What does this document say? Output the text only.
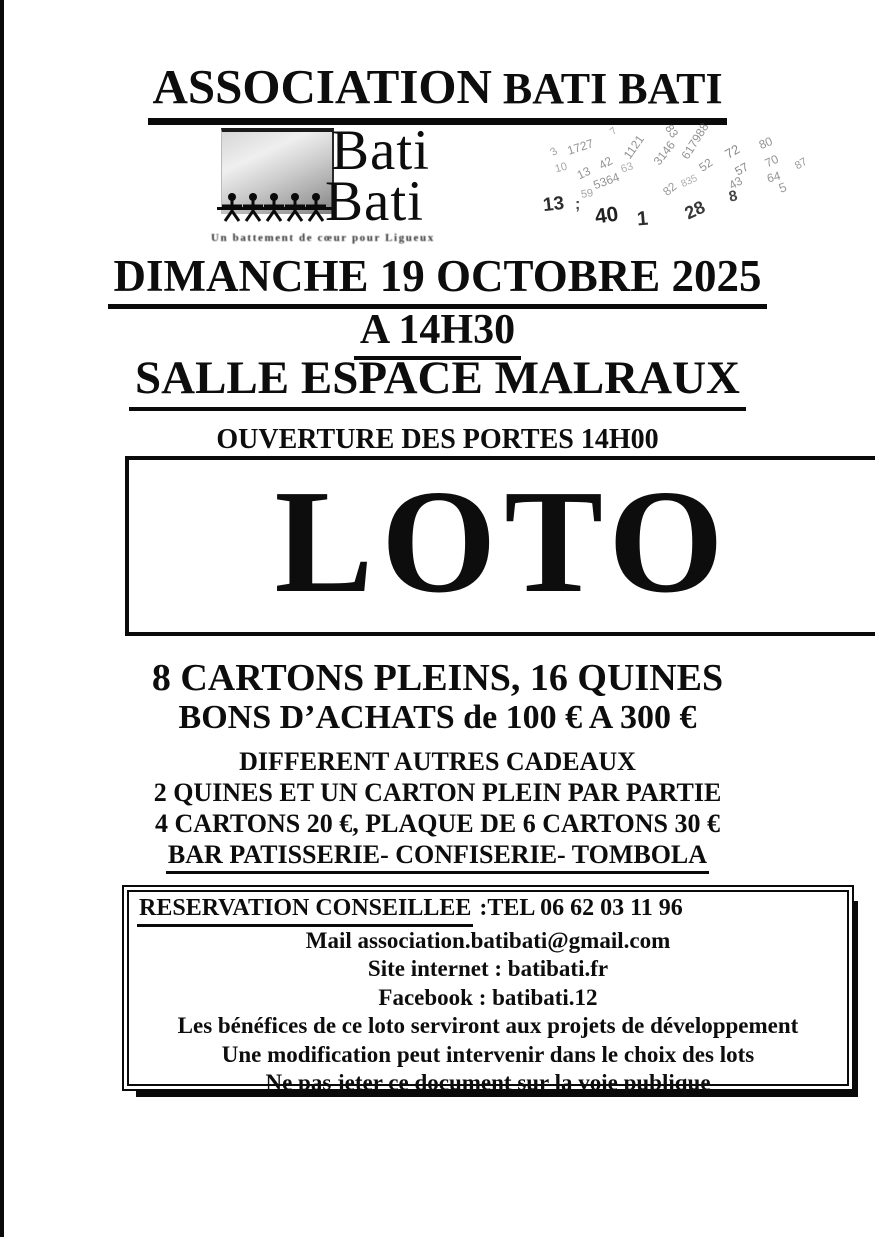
ASSOCIATION BATI BATI
Bati
Bati
Un battement de cœur pour Ligueux
3 1727
7
1121
83
3146 617988 72 80
10 13
42 63	52 57 70 87
64
5364
59
43
82 835
13 ; 40 1 28
8	5
DIMANCHE 19 OCTOBRE 2025
A 14H30
SALLE ESPACE MALRAUX
OUVERTURE DES PORTES 14H00
LOTO
8 CARTONS PLEINS, 16 QUINES
BONS D’ACHATS de 100 € A 300 €
DIFFERENT AUTRES CADEAUX
2 QUINES ET UN CARTON PLEIN PAR PARTIE
4 CARTONS 20 €, PLAQUE DE 6 CARTONS 30 €
BAR PATISSERIE- CONFISERIE- TOMBOLA
RESERVATION CONSEILLEE :TEL 06 62 03 11 96
Mail association.batibati@gmail.com
Site internet : batibati.fr
Facebook : batibati.12
Les bénéfices de ce loto serviront aux projets de développement
Une modification peut intervenir dans le choix des lots
Ne pas jeter ce document sur la voie publique
